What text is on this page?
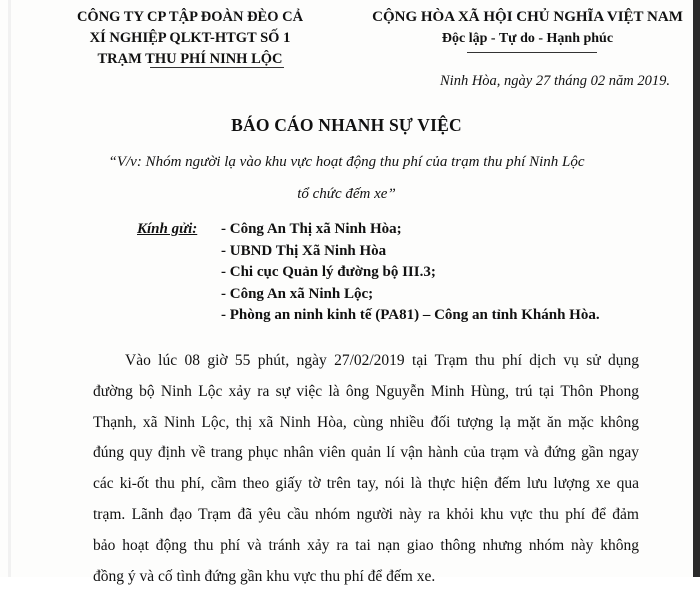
CÔNG TY CP TẬP ĐOÀN ĐÈO CẢ
XÍ NGHIỆP QLKT-HTGT SỐ 1
TRẠM THU PHÍ NINH LỘC
CỘNG HÒA XÃ HỘI CHỦ NGHĨA VIỆT NAM
Độc lập - Tự do - Hạnh phúc
Ninh Hòa, ngày 27 tháng 02 năm 2019.
BÁO CÁO NHANH SỰ VIỆC
“V/v: Nhóm người lạ vào khu vực hoạt động thu phí của trạm thu phí Ninh Lộc
tổ chức đếm xe”
Kính gửi: - Công An Thị xã Ninh Hòa;
- UBND Thị Xã Ninh Hòa
- Chi cục Quản lý đường bộ III.3;
- Công An xã Ninh Lộc;
- Phòng an ninh kinh tế (PA81) – Công an tỉnh Khánh Hòa.
Vào lúc 08 giờ 55 phút, ngày 27/02/2019 tại Trạm thu phí dịch vụ sử dụng
đường bộ Ninh Lộc xảy ra sự việc là ông Nguyễn Minh Hùng, trú tại Thôn Phong
Thạnh, xã Ninh Lộc, thị xã Ninh Hòa, cùng nhiều đối tượng lạ mặt ăn mặc không
đúng quy định về trang phục nhân viên quản lí vận hành của trạm và đứng gần ngay
các ki-ốt thu phí, cầm theo giấy tờ trên tay, nói là thực hiện đếm lưu lượng xe qua
trạm. Lãnh đạo Trạm đã yêu cầu nhóm người này ra khỏi khu vực thu phí để đảm
bảo hoạt động thu phí và tránh xảy ra tai nạn giao thông nhưng nhóm này không
đồng ý và cố tình đứng gần khu vực thu phí để đếm xe.
